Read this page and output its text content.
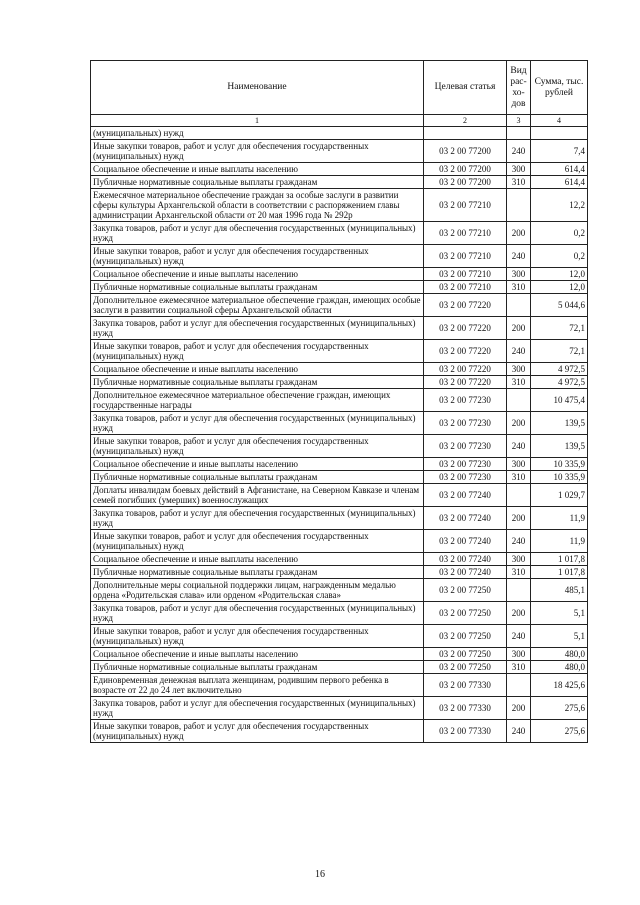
Наименование	Целевая статья	Вид рас-хо-дов	Сумма, тыс. рублей
1	2	3	4
(муниципальных) нужд			
Иные закупки товаров, работ и услуг для обеспечения государственных (муниципальных) нужд	03 2 00 77200	240	7,4
Социальное обеспечение и иные выплаты населению	03 2 00 77200	300	614,4
Публичные нормативные социальные выплаты гражданам	03 2 00 77200	310	614,4
Ежемесячное материальное обеспечение граждан за особые заслуги в развитии сферы культуры Архангельской области в соответствии с распоряжением главы администрации Архангельской области от 20 мая 1996 года № 292р	03 2 00 77210		12,2
Закупка товаров, работ и услуг для обеспечения государственных (муниципальных) нужд	03 2 00 77210	200	0,2
Иные закупки товаров, работ и услуг для обеспечения государственных (муниципальных) нужд	03 2 00 77210	240	0,2
Социальное обеспечение и иные выплаты населению	03 2 00 77210	300	12,0
Публичные нормативные социальные выплаты гражданам	03 2 00 77210	310	12,0
Дополнительное ежемесячное материальное обеспечение граждан, имеющих особые заслуги в развитии социальной сферы Архангельской области	03 2 00 77220		5 044,6
Закупка товаров, работ и услуг для обеспечения государственных (муниципальных) нужд	03 2 00 77220	200	72,1
Иные закупки товаров, работ и услуг для обеспечения государственных (муниципальных) нужд	03 2 00 77220	240	72,1
Социальное обеспечение и иные выплаты населению	03 2 00 77220	300	4 972,5
Публичные нормативные социальные выплаты гражданам	03 2 00 77220	310	4 972,5
Дополнительное ежемесячное материальное обеспечение граждан, имеющих государственные награды	03 2 00 77230		10 475,4
Закупка товаров, работ и услуг для обеспечения государственных (муниципальных) нужд	03 2 00 77230	200	139,5
Иные закупки товаров, работ и услуг для обеспечения государственных (муниципальных) нужд	03 2 00 77230	240	139,5
Социальное обеспечение и иные выплаты населению	03 2 00 77230	300	10 335,9
Публичные нормативные социальные выплаты гражданам	03 2 00 77230	310	10 335,9
Доплаты инвалидам боевых действий в Афганистане, на Северном Кавказе и членам семей погибших (умерших) военнослужащих	03 2 00 77240		1 029,7
Закупка товаров, работ и услуг для обеспечения государственных (муниципальных) нужд	03 2 00 77240	200	11,9
Иные закупки товаров, работ и услуг для обеспечения государственных (муниципальных) нужд	03 2 00 77240	240	11,9
Социальное обеспечение и иные выплаты населению	03 2 00 77240	300	1 017,8
Публичные нормативные социальные выплаты гражданам	03 2 00 77240	310	1 017,8
Дополнительные меры социальной поддержки лицам, награжденным медалью ордена «Родительская слава» или орденом «Родительская слава»	03 2 00 77250		485,1
Закупка товаров, работ и услуг для обеспечения государственных (муниципальных) нужд	03 2 00 77250	200	5,1
Иные закупки товаров, работ и услуг для обеспечения государственных (муниципальных) нужд	03 2 00 77250	240	5,1
Социальное обеспечение и иные выплаты населению	03 2 00 77250	300	480,0
Публичные нормативные социальные выплаты гражданам	03 2 00 77250	310	480,0
Единовременная денежная выплата женщинам, родившим первого ребенка в возрасте от 22 до 24 лет включительно	03 2 00 77330		18 425,6
Закупка товаров, работ и услуг для обеспечения государственных (муниципальных) нужд	03 2 00 77330	200	275,6
Иные закупки товаров, работ и услуг для обеспечения государственных (муниципальных) нужд	03 2 00 77330	240	275,6
16
